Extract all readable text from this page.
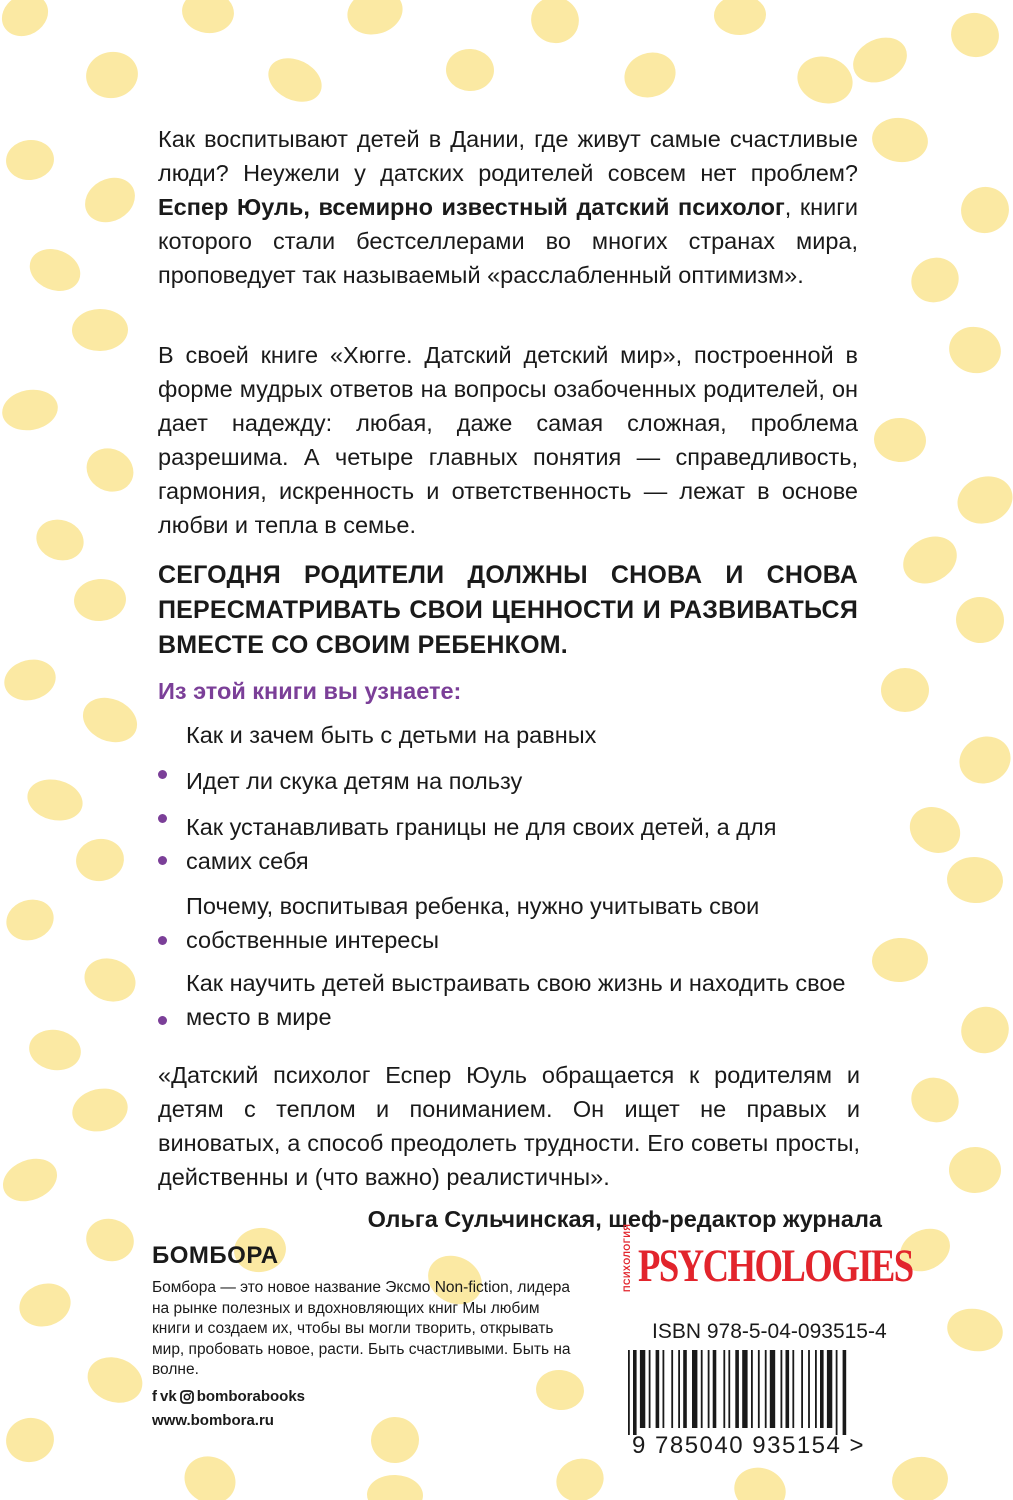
Как воспитывают детей в Дании, где живут самые счастливые люди? Неужели у датских родителей совсем нет проблем? Еспер Юуль, всемирно известный датский психолог, книги которого стали бестселлерами во многих странах мира, проповедует так называемый «расслабленный оптимизм».

В своей книге «Хюгге. Датский детский мир», построенной в форме мудрых ответов на вопросы озабоченных родителей, он дает надежду: любая, даже самая сложная, проблема разрешима. А четыре главных понятия — справедливость, гармония, искренность и ответственность — лежат в основе любви и тепла в семье.

СЕГОДНЯ РОДИТЕЛИ ДОЛЖНЫ СНОВА И СНОВА ПЕРЕСМАТРИВАТЬ СВОИ ЦЕННОСТИ И РАЗВИВАТЬСЯ ВМЕСТЕ СО СВОИМ РЕБЕНКОМ.

Из этой книги вы узнаете:

Как и зачем быть с детьми на равных

Идет ли скука детям на пользу

Как устанавливать границы не для своих детей, а для самих себя

Почему, воспитывая ребенка, нужно учитывать свои собственные интересы

Как научить детей выстраивать свою жизнь и находить свое место в мире

«Датский психолог Еспер Юуль обращается к родителям и детям с теплом и пониманием. Он ищет не правых и виноватых, а способ преодолеть трудности. Его советы просты, действенны и (что важно) реалистичны».

Ольга Сульчинская, шеф-редактор журнала

БОМБОРА

Бомбора — это новое название Эксмо Non-fiction, лидера на рынке полезных и вдохновляющих книг Мы любим книги и создаем их, чтобы вы могли творить, открывать мир, пробовать новое, расти. Быть счастливыми. Быть на волне.

f vk bomborabooks
www.bombora.ru
ПСИХОЛОГИЯ PSYCHOLOGIES
ISBN 978-5-04-093515-4
9 785040 935154 >
